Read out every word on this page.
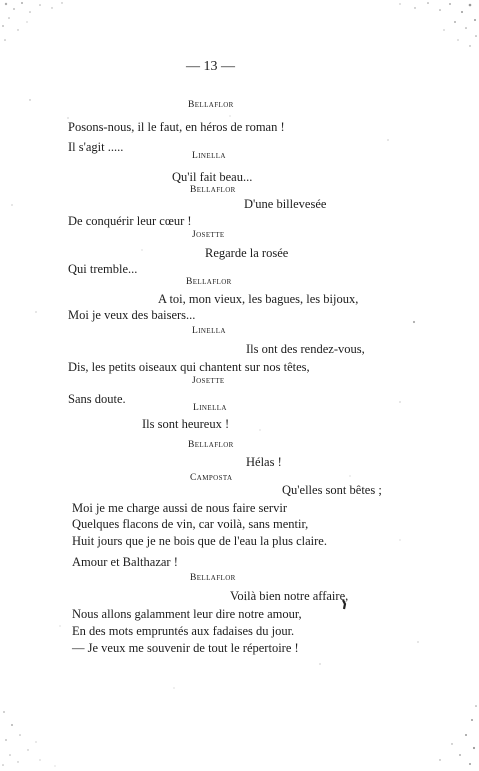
— 13 —
Bellaflor
Posons-nous, il le faut, en héros de roman !
Il s'agit .....
Linella
Qu'il fait beau...
Bellaflor
D'une billevesée
De conquérir leur cœur !
Josette
Regarde la rosée
Qui tremble...
Bellaflor
A toi, mon vieux, les bagues, les bijoux,
Moi je veux des baisers...
Linella
Ils ont des rendez-vous,
Dis, les petits oiseaux qui chantent sur nos têtes,
Josette
Sans doute.
Linella
Ils sont heureux !
Bellaflor
Hélas !
Camposta
Qu'elles sont bêtes ;
Moi je me charge aussi de nous faire servir
Quelques flacons de vin, car voilà, sans mentir,
Huit jours que je ne bois que de l'eau la plus claire.
Amour et Balthazar !
Bellaflor
Voilà bien notre affaire,
Nous allons galamment leur dire notre amour,
En des mots empruntés aux fadaises du jour.
— Je veux me souvenir de tout le répertoire !
